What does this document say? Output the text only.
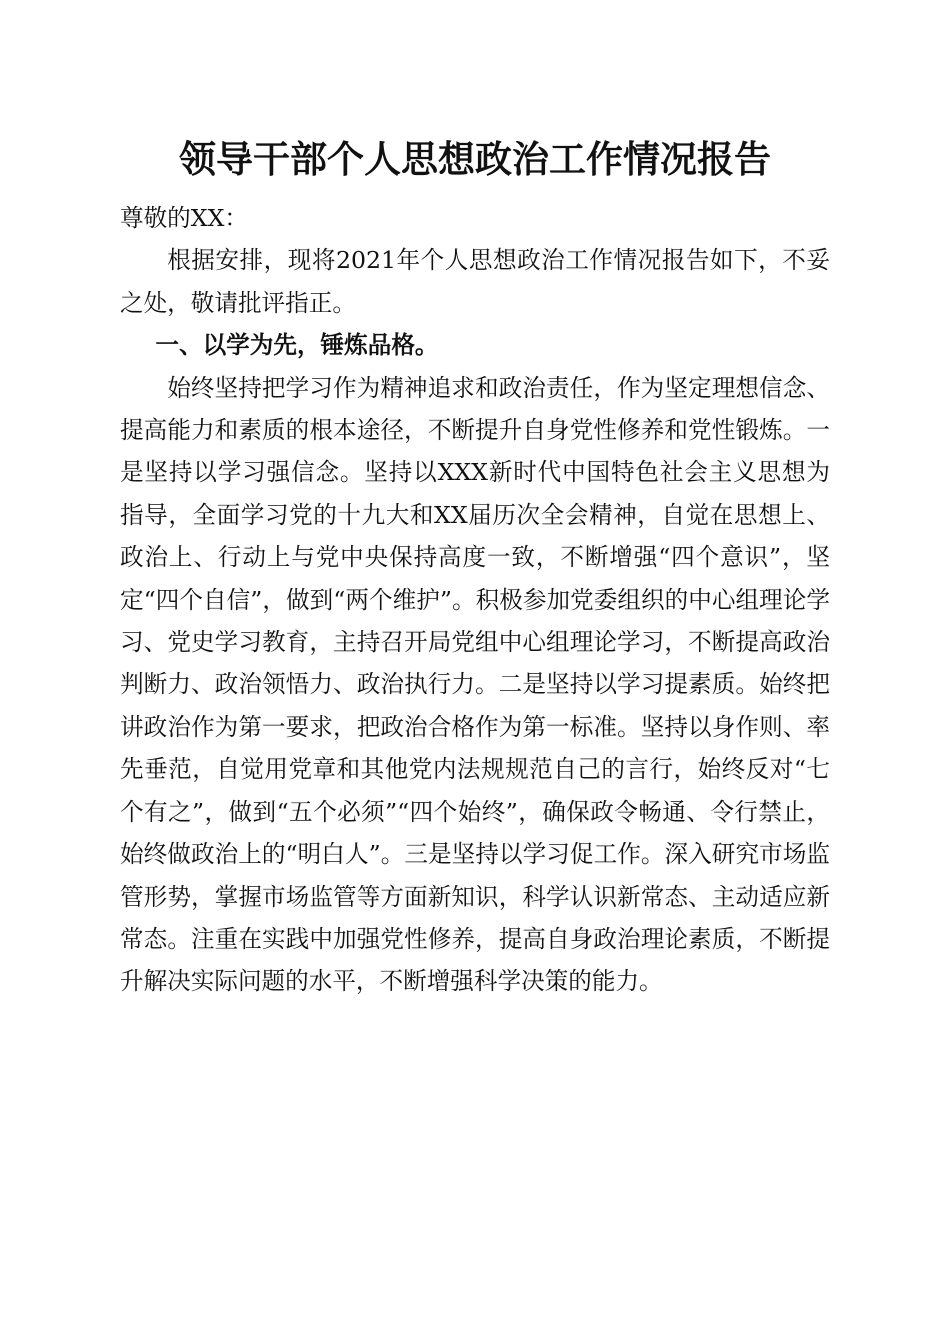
领导干部个人思想政治工作情况报告

尊敬的XX：

根据安排，现将2021年个人思想政治工作情况报告如下，不妥之处，敬请批评指正。

一、以学为先，锤炼品格。

始终坚持把学习作为精神追求和政治责任，作为坚定理想信念、提高能力和素质的根本途径，不断提升自身党性修养和党性锻炼。一是坚持以学习强信念。坚持以XXX新时代中国特色社会主义思想为指导，全面学习党的十九大和XX届历次全会精神，自觉在思想上、政治上、行动上与党中央保持高度一致，不断增强“四个意识”，坚定“四个自信”，做到“两个维护”。积极参加党委组织的中心组理论学习、党史学习教育，主持召开局党组中心组理论学习，不断提高政治判断力、政治领悟力、政治执行力。二是坚持以学习提素质。始终把讲政治作为第一要求，把政治合格作为第一标准。坚持以身作则、率先垂范，自觉用党章和其他党内法规规范自己的言行，始终反对“七个有之”，做到“五个必须”“四个始终”，确保政令畅通、令行禁止，始终做政治上的“明白人”。三是坚持以学习促工作。深入研究市场监管形势，掌握市场监管等方面新知识，科学认识新常态、主动适应新常态。注重在实践中加强党性修养，提高自身政治理论素质，不断提升解决实际问题的水平，不断增强科学决策的能力。
